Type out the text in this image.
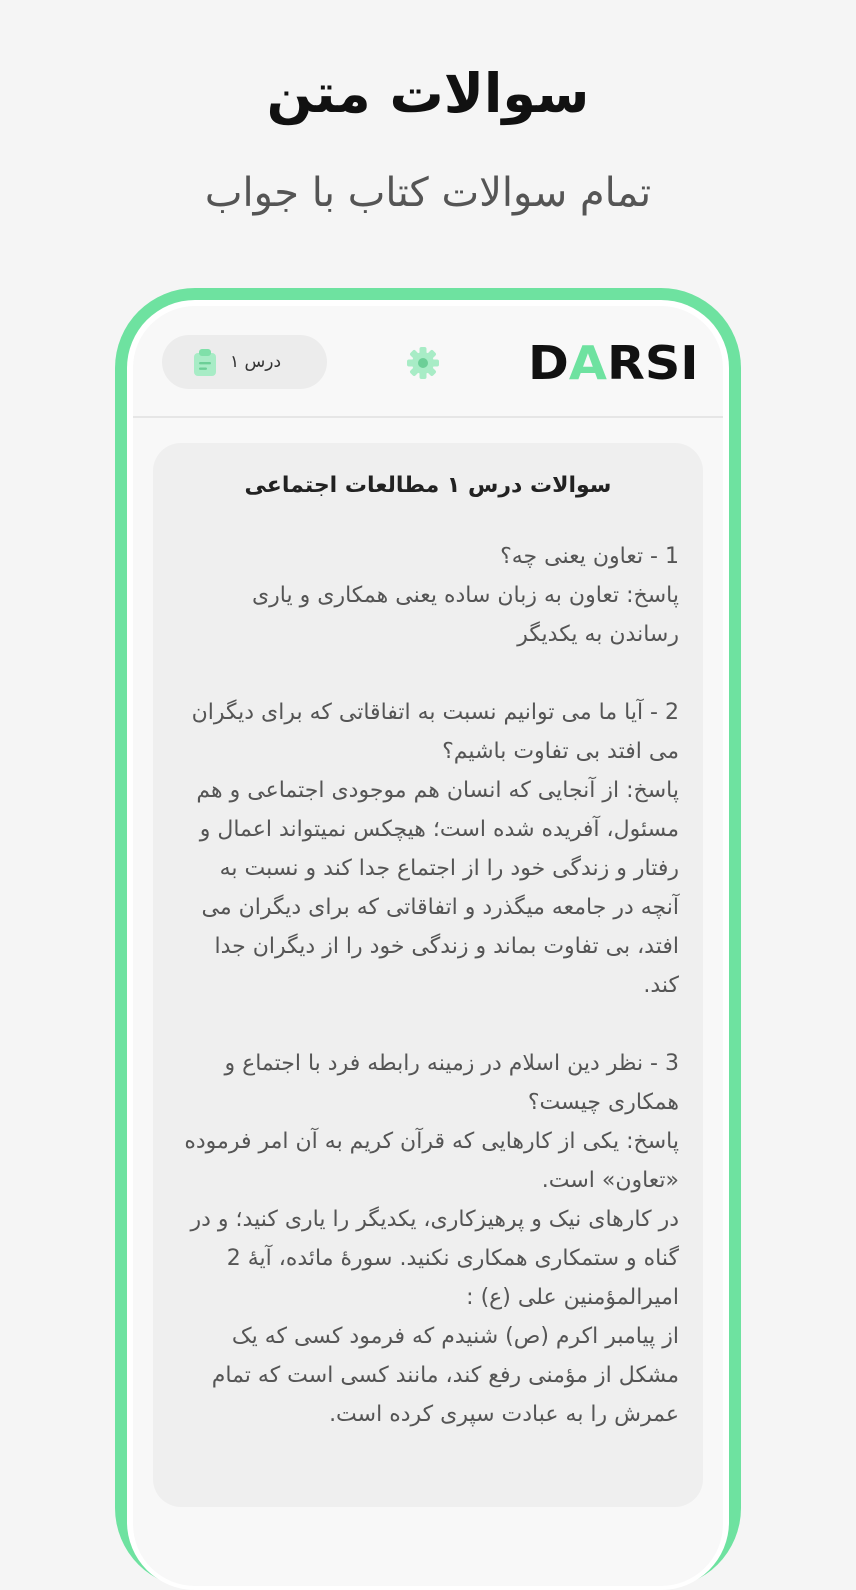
سوالات متن
تمام سوالات کتاب با جواب
درس ۱	DARSI
سوالات درس ۱ مطالعات اجتماعی
1 - تعاون یعنی چه؟
پاسخ: تعاون به زبان ساده یعنی همکاری و یاری رساندن به یکدیگر

2 - آیا ما می توانیم نسبت به اتفاقاتی که برای دیگران می افتد بی تفاوت باشیم؟
پاسخ: از آنجایی که انسان هم موجودی اجتماعی و هم مسئول، آفریده شده است؛ هیچکس نمیتواند اعمال و رفتار و زندگی خود را از اجتماع جدا کند و نسبت به آنچه در جامعه میگذرد و اتفاقاتی که برای دیگران می افتد، بی تفاوت بماند و زندگی خود را از دیگران جدا کند.

3 - نظر دین اسلام در زمینه رابطه فرد با اجتماع و همکاری چیست؟
پاسخ: یکی از کارهایی که قرآن کریم به آن امر فرموده «تعاون» است.
در کارهای نیک و پرهیزکاری، یکدیگر را یاری کنید؛ و در گناه و ستمکاری همکاری نکنید. سورهٔ مائده، آیهٔ 2
امیرالمؤمنین علی (ع) :
از پیامبر اکرم (ص) شنیدم که فرمود کسی که یک مشکل از مؤمنی رفع کند، مانند کسی است که تمام عمرش را به عبادت سپری کرده است.
